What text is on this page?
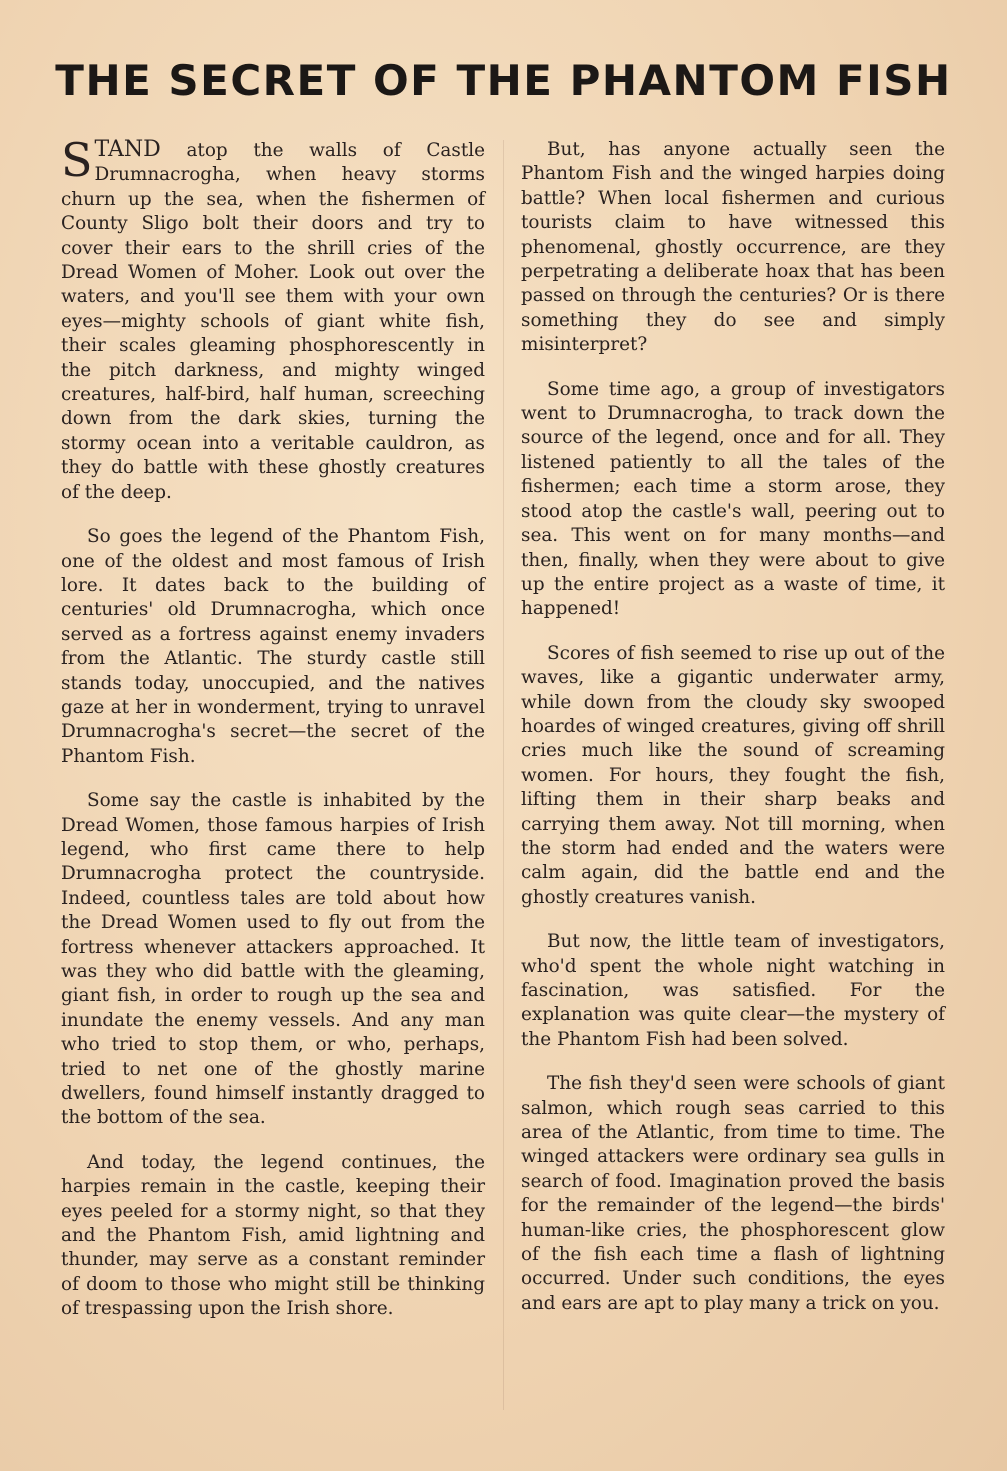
THE SECRET OF THE PHANTOM FISH

STAND atop the walls of Castle Drumnacrogha, when heavy storms churn up the sea, when the fishermen of County Sligo bolt their doors and try to cover their ears to the shrill cries of the Dread Women of Moher. Look out over the waters, and you'll see them with your own eyes—mighty schools of giant white fish, their scales gleaming phosphorescently in the pitch darkness, and mighty winged creatures, half-bird, half human, screeching down from the dark skies, turning the stormy ocean into a veritable cauldron, as they do battle with these ghostly creatures of the deep.

So goes the legend of the Phantom Fish, one of the oldest and most famous of Irish lore. It dates back to the building of centuries' old Drumnacrogha, which once served as a fortress against enemy invaders from the Atlantic. The sturdy castle still stands today, unoccupied, and the natives gaze at her in wonderment, trying to unravel Drumnacrogha's secret—the secret of the Phantom Fish.

Some say the castle is inhabited by the Dread Women, those famous harpies of Irish legend, who first came there to help Drumnacrogha protect the countryside. Indeed, countless tales are told about how the Dread Women used to fly out from the fortress whenever attackers approached. It was they who did battle with the gleaming, giant fish, in order to rough up the sea and inundate the enemy vessels. And any man who tried to stop them, or who, perhaps, tried to net one of the ghostly marine dwellers, found himself instantly dragged to the bottom of the sea.

And today, the legend continues, the harpies remain in the castle, keeping their eyes peeled for a stormy night, so that they and the Phantom Fish, amid lightning and thunder, may serve as a constant reminder of doom to those who might still be thinking of trespassing upon the Irish shore.

But, has anyone actually seen the Phantom Fish and the winged harpies doing battle? When local fishermen and curious tourists claim to have witnessed this phenomenal, ghostly occurrence, are they perpetrating a deliberate hoax that has been passed on through the centuries? Or is there something they do see and simply misinterpret?

Some time ago, a group of investigators went to Drumnacrogha, to track down the source of the legend, once and for all. They listened patiently to all the tales of the fishermen; each time a storm arose, they stood atop the castle's wall, peering out to sea. This went on for many months—and then, finally, when they were about to give up the entire project as a waste of time, it happened!

Scores of fish seemed to rise up out of the waves, like a gigantic underwater army, while down from the cloudy sky swooped hoardes of winged creatures, giving off shrill cries much like the sound of screaming women. For hours, they fought the fish, lifting them in their sharp beaks and carrying them away. Not till morning, when the storm had ended and the waters were calm again, did the battle end and the ghostly creatures vanish.

But now, the little team of investigators, who'd spent the whole night watching in fascination, was satisfied. For the explanation was quite clear—the mystery of the Phantom Fish had been solved.

The fish they'd seen were schools of giant salmon, which rough seas carried to this area of the Atlantic, from time to time. The winged attackers were ordinary sea gulls in search of food. Imagination proved the basis for the remainder of the legend—the birds' human-like cries, the phosphorescent glow of the fish each time a flash of lightning occurred. Under such conditions, the eyes and ears are apt to play many a trick on you.
